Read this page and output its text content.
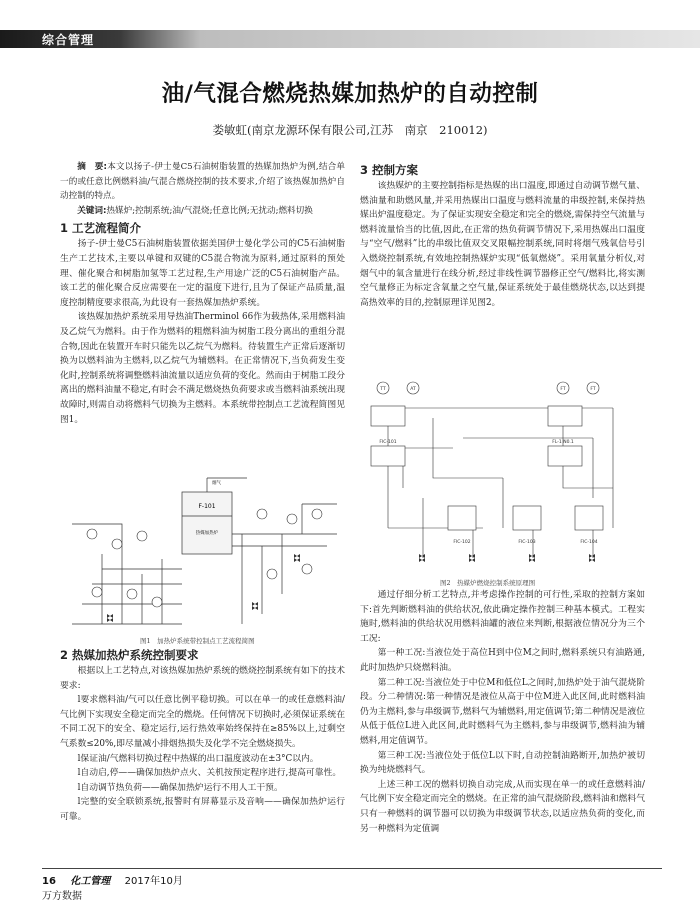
综合管理
油/气混合燃烧热媒加热炉的自动控制
娄敏虹(南京龙源环保有限公司,江苏　南京　210012)
摘　要:本文以扬子-伊士曼C5石油树脂装置的热媒加热炉为例,结合单一的或任意比例燃料油/气混合燃烧控制的技术要求,介绍了该热媒加热炉自动控制的特点。
关键词:热媒炉;控制系统;油/气混烧;任意比例;无扰动;燃料切换
1 工艺流程简介

扬子-伊士曼C5石油树脂装置依据美国伊士曼化学公司的C5石油树脂生产工艺技术,主要以单键和双键的C5混合物流为原料,通过原料的预处理、催化聚合和树脂加氢等工艺过程,生产用途广泛的C5石油树脂产品。该工艺的催化聚合反应需要在一定的温度下进行,且为了保证产品质量,温度控制精度要求很高,为此设有一套热媒加热炉系统。

该热媒加热炉系统采用导热油Therminol 66作为载热体,采用燃料油及乙烷气为燃料。由于作为燃料的粗燃料油为树脂工段分离出的重组分混合物,因此在装置开车时只能先以乙烷气为燃料。待装置生产正常后逐渐切换为以燃料油为主燃料,以乙烷气为辅燃料。在正常情况下,当负荷发生变化时,控制系统将调整燃料油流量以适应负荷的变化。然而由于树脂工段分离出的燃料油量不稳定,有时会不满足燃烧热负荷要求或当燃料油系统出现故障时,则需自动将燃料气切换为主燃料。本系统带控制点工艺流程简图见图1。

F-101
热媒加热炉
烟气
图1　加热炉系统带控制点工艺流程简图
2 热媒加热炉系统控制要求

根据以上工艺特点,对该热媒加热炉系统的燃烧控制系统有如下的技术要求:

l要求燃料油/气可以任意比例平稳切换。可以在单一的或任意燃料油/气比例下实现安全稳定而完全的燃烧。任何情况下切换时,必须保证系统在不同工况下的安全、稳定运行,运行热效率始终保持在≥85%以上,过剩空气系数≤20%,即尽量减小排烟热损失及化学不完全燃烧损失。

l保证油/气燃料切换过程中热媒的出口温度波动在±3°C以内。

l自动启,停——确保加热炉点火、关机按预定程序进行,提高可靠性。

l自动调节热负荷——确保加热炉运行不用人工干预。

l完整的安全联锁系统,报警时有屏幕显示及音响——确保加热炉运行可靠。

3 控制方案

该热媒炉的主要控制指标是热媒的出口温度,即通过自动调节燃气量、燃油量和助燃风量,并采用热媒出口温度与燃料流量的串级控制,来保持热媒出炉温度稳定。为了保证实现安全稳定和完全的燃烧,需保持空气流量与燃料流量恰当的比值,因此,在正常的热负荷调节情况下,采用热媒出口温度与“空气/燃料”比的串级比值双交叉限幅控制系统,同时将烟气残氧信号引入燃烧控制系统,有效地控制热媒炉实现“低氧燃烧”。采用氧量分析仪,对烟气中的氧含量进行在线分析,经过非线性调节器修正空气/燃料比,将实测空气量修正为标定含氧量之空气量,保证系统处于最佳燃烧状态,以达到提高热效率的目的,控制原理详见图2。

TT	AT	FT	FT
FIC-101	FL-1 N0.1
FIC-102	FIC-103	FIC-104
图2　热媒炉燃烧控制系统原理图

通过仔细分析工艺特点,并考虑操作控制的可行性,采取的控制方案如下:首先判断燃料油的供给状况,依此确定操作控制三种基本模式。工程实施时,燃料油的供给状况用燃料油罐的液位来判断,根据液位情况分为三个工况:

第一种工况:当液位处于高位H到中位M之间时,燃料系统只有油路通,此时加热炉只烧燃料油。

第二种工况:当液位处于中位M和低位L之间时,加热炉处于油气混烧阶段。分二种情况:第一种情况是液位从高于中位M进入此区间,此时燃料油仍为主燃料,参与串级调节,燃料气为辅燃料,用定值调节;第二种情况是液位从低于低位L进入此区间,此时燃料气为主燃料,参与串级调节,燃料油为辅燃料,用定值调节。

第三种工况:当液位处于低位L以下时,自动控制油路断开,加热炉被切换为纯烧燃料气。

上述三种工况的燃料切换自动完成,从而实现在单一的或任意燃料油/气比例下安全稳定而完全的燃烧。在正常的油气混烧阶段,燃料油和燃料气只有一种燃料的调节器可以切换为串级调节状态,以适应热负荷的变化,而另一种燃料为定值调

16 化工管理 2017年10月
万方数据
